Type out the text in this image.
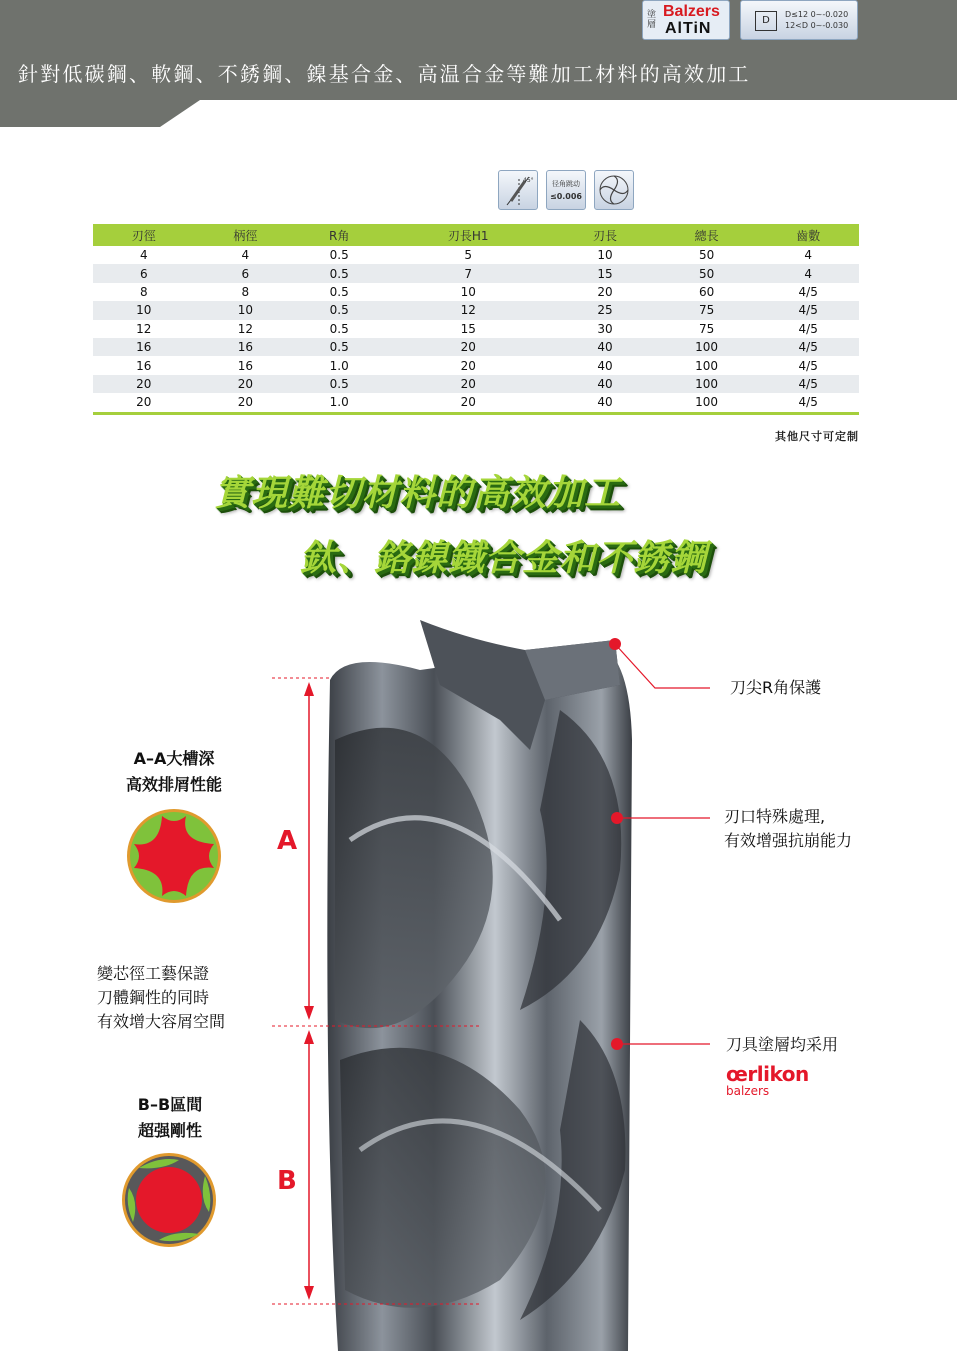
針對低碳鋼、軟鋼、不銹鋼、鎳基合金、高温合金等難加工材料的高效加工
45°	径角跳动
≤0.006
塗
層
Balzers
AlTiN	D
D≤12 0~-0.020
12<D 0~-0.030
刃徑	柄徑	R角	刃長H1	刃長	總長	齒數
4	4	0.5	5	10	50	4
6	6	0.5	7	15	50	4
8	8	0.5	10	20	60	4/5
10	10	0.5	12	25	75	4/5
12	12	0.5	15	30	75	4/5
16	16	0.5	20	40	100	4/5
16	16	1.0	20	40	100	4/5
20	20	0.5	20	40	100	4/5
20	20	1.0	20	40	100	4/5
其他尺寸可定制
實現難切材料的高效加工
鈦、鉻鎳鐵合金和不銹鋼
A
B
A–A大槽深
高效排屑性能
變芯徑工藝保證
刀體鋼性的同時
有效增大容屑空間
B–B區間
超强剛性
刀尖R角保護
刃口特殊處理,
有效增强抗崩能力
刀具塗層均采用
œrlikon
balzers
